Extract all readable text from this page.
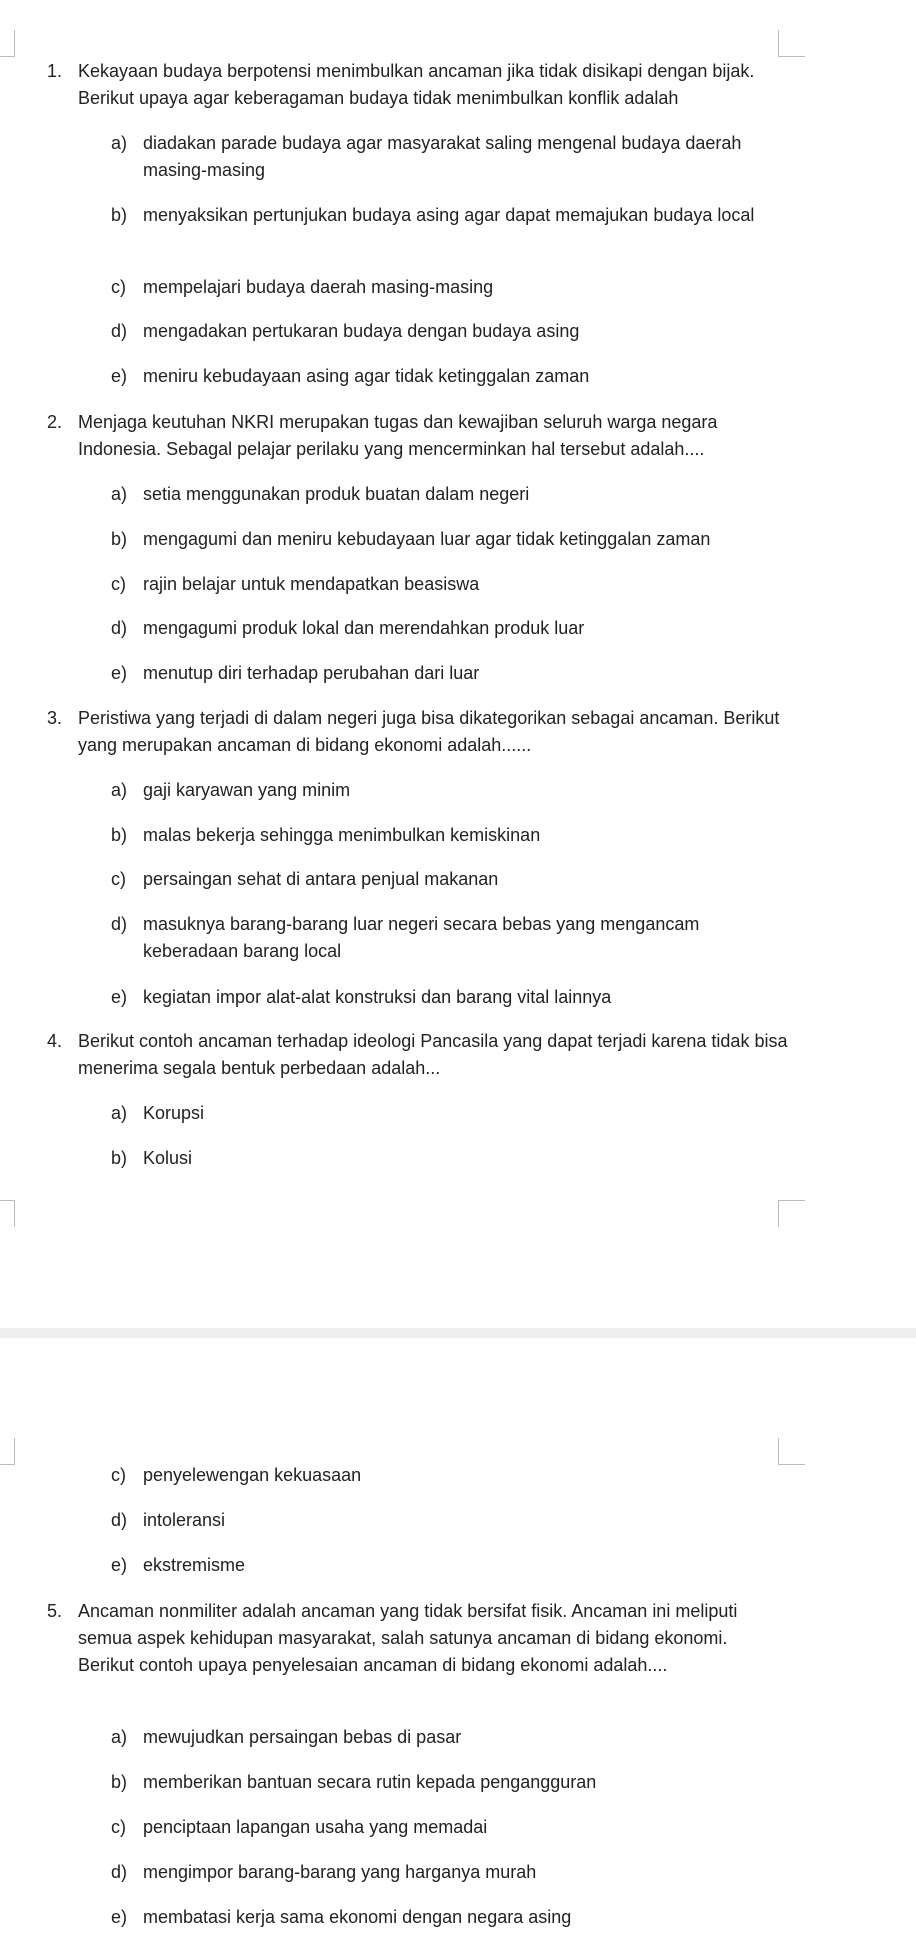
1. Kekayaan budaya berpotensi menimbulkan ancaman jika tidak disikapi dengan bijak. Berikut upaya agar keberagaman budaya tidak menimbulkan konflik adalah
a) diadakan parade budaya agar masyarakat saling mengenal budaya daerah masing-masing
b) menyaksikan pertunjukan budaya asing agar dapat memajukan budaya local
c) mempelajari budaya daerah masing-masing
d) mengadakan pertukaran budaya dengan budaya asing
e) meniru kebudayaan asing agar tidak ketinggalan zaman
2. Menjaga keutuhan NKRI merupakan tugas dan kewajiban seluruh warga negara Indonesia. Sebagal pelajar perilaku yang mencerminkan hal tersebut adalah....
a) setia menggunakan produk buatan dalam negeri
b) mengagumi dan meniru kebudayaan luar agar tidak ketinggalan zaman
c) rajin belajar untuk mendapatkan beasiswa
d) mengagumi produk lokal dan merendahkan produk luar
e) menutup diri terhadap perubahan dari luar
3. Peristiwa yang terjadi di dalam negeri juga bisa dikategorikan sebagai ancaman. Berikut yang merupakan ancaman di bidang ekonomi adalah......
a) gaji karyawan yang minim
b) malas bekerja sehingga menimbulkan kemiskinan
c) persaingan sehat di antara penjual makanan
d) masuknya barang-barang luar negeri secara bebas yang mengancam keberadaan barang local
e) kegiatan impor alat-alat konstruksi dan barang vital lainnya
4. Berikut contoh ancaman terhadap ideologi Pancasila yang dapat terjadi karena tidak bisa menerima segala bentuk perbedaan adalah...
a) Korupsi
b) Kolusi
c) penyelewengan kekuasaan
d) intoleransi
e) ekstremisme
5. Ancaman nonmiliter adalah ancaman yang tidak bersifat fisik. Ancaman ini meliputi semua aspek kehidupan masyarakat, salah satunya ancaman di bidang ekonomi. Berikut contoh upaya penyelesaian ancaman di bidang ekonomi adalah....
a) mewujudkan persaingan bebas di pasar
b) memberikan bantuan secara rutin kepada pengangguran
c) penciptaan lapangan usaha yang memadai
d) mengimpor barang-barang yang harganya murah
e) membatasi kerja sama ekonomi dengan negara asing
